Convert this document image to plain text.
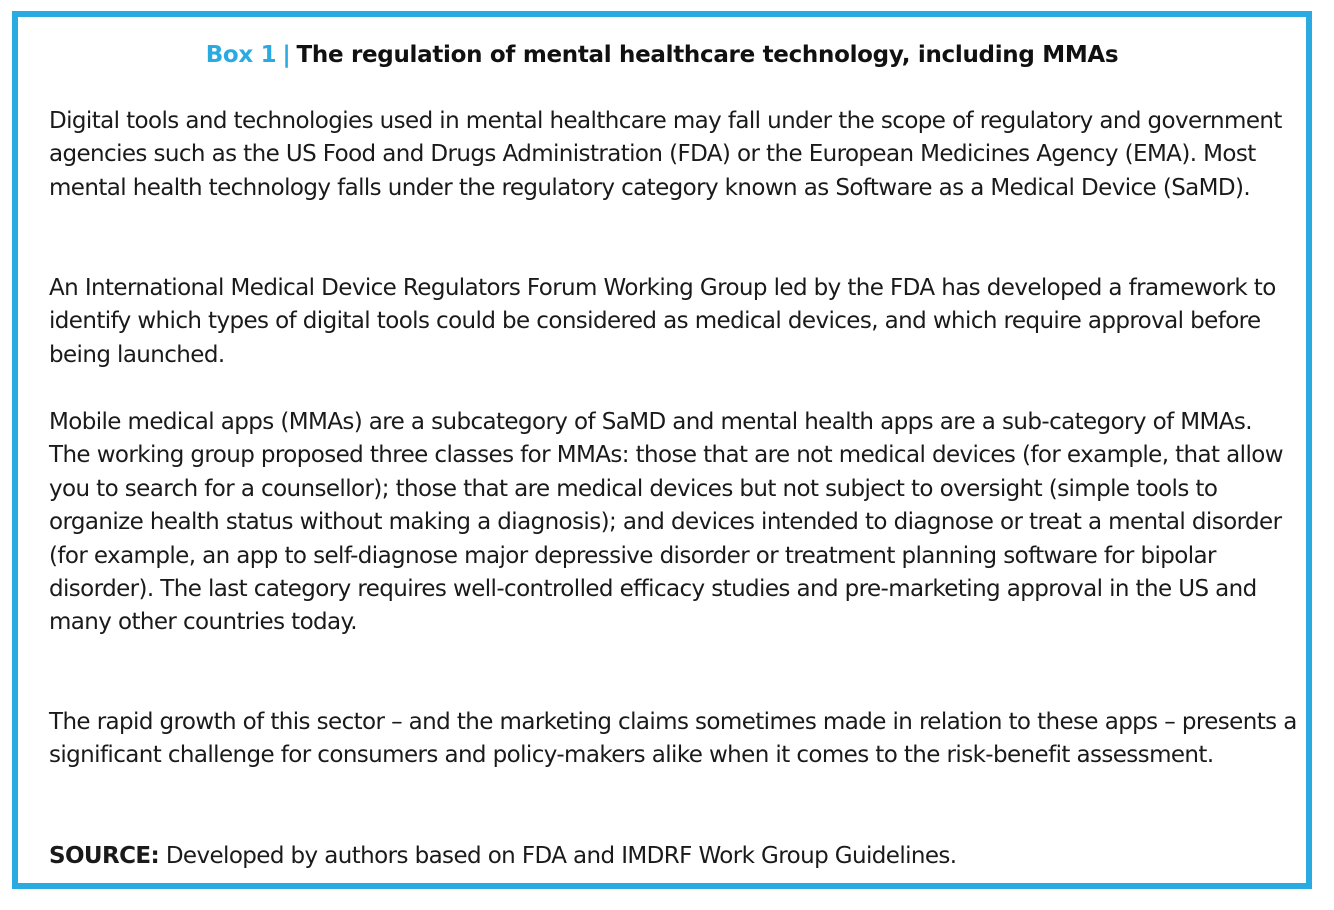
Box 1 | The regulation of mental healthcare technology, including MMAs

Digital tools and technologies used in mental healthcare may fall under the scope of regulatory and government agencies such as the US Food and Drugs Administration (FDA) or the European Medicines Agency (EMA). Most mental health technology falls under the regulatory category known as Software as a Medical Device (SaMD).

An International Medical Device Regulators Forum Working Group led by the FDA has developed a framework to identify which types of digital tools could be considered as medical devices, and which require approval before being launched.

Mobile medical apps (MMAs) are a subcategory of SaMD and mental health apps are a sub-category of MMAs. The working group proposed three classes for MMAs: those that are not medical devices (for example, that allow you to search for a counsellor); those that are medical devices but not subject to oversight (simple tools to organize health status without making a diagnosis); and devices intended to diagnose or treat a mental disorder (for example, an app to self-diagnose major depressive disorder or treatment planning software for bipolar disorder). The last category requires well-controlled efficacy studies and pre-marketing approval in the US and many other countries today.

The rapid growth of this sector – and the marketing claims sometimes made in relation to these apps – presents a significant challenge for consumers and policy-makers alike when it comes to the risk-benefit assessment.

SOURCE: Developed by authors based on FDA and IMDRF Work Group Guidelines.
